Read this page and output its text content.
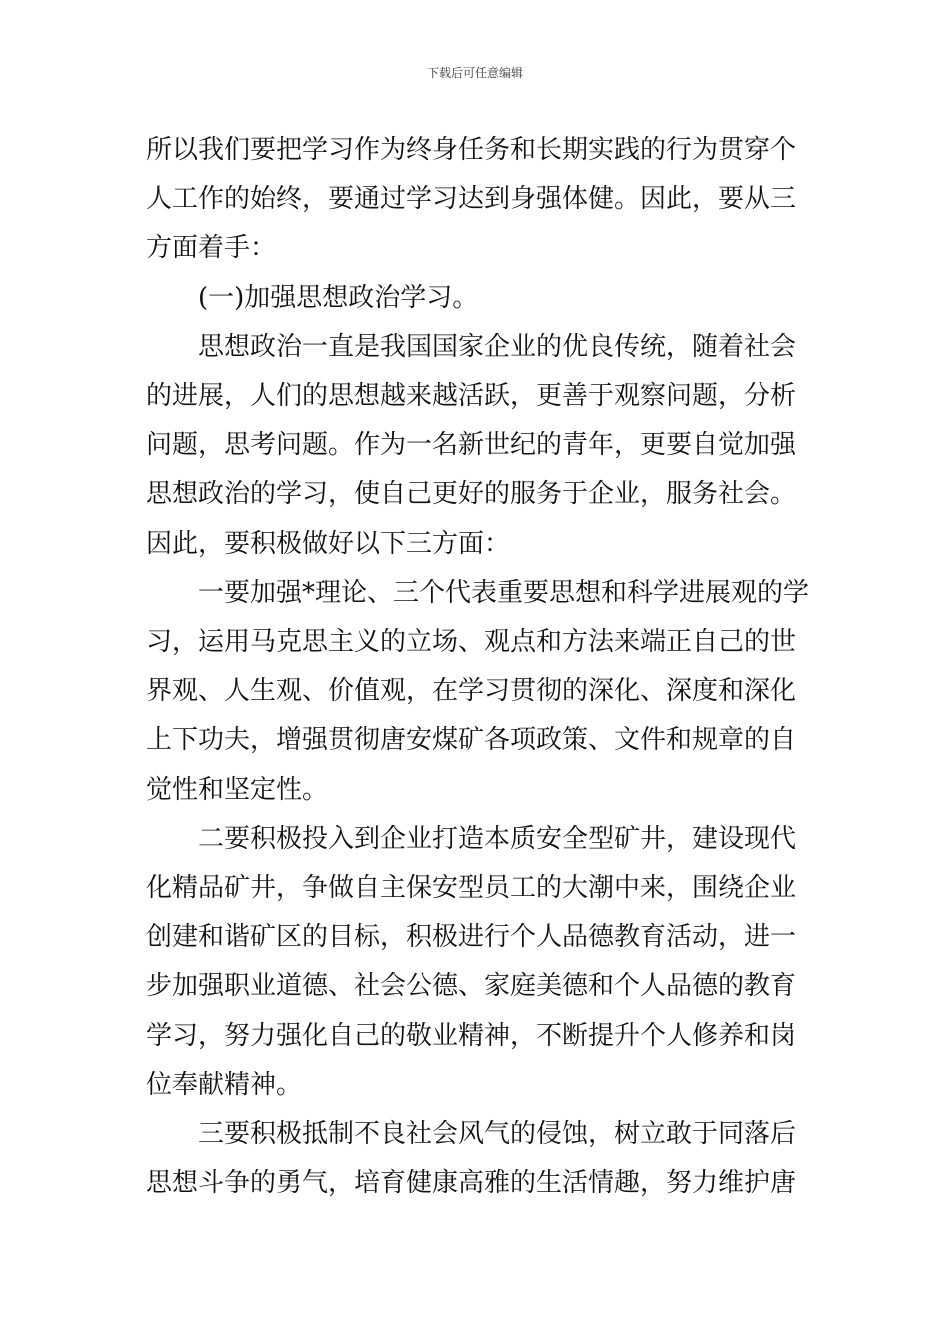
下载后可任意编辑

所以我们要把学习作为终身任务和长期实践的行为贯穿个
人工作的始终，要通过学习达到身强体健。因此，要从三
方面着手：

　　(一)加强思想政治学习。

　　思想政治一直是我国国家企业的优良传统，随着社会
的进展，人们的思想越来越活跃，更善于观察问题，分析
问题，思考问题。作为一名新世纪的青年，更要自觉加强
思想政治的学习，使自己更好的服务于企业，服务社会。
因此，要积极做好以下三方面：

　　一要加强*理论、三个代表重要思想和科学进展观的学
习，运用马克思主义的立场、观点和方法来端正自己的世
界观、人生观、价值观，在学习贯彻的深化、深度和深化
上下功夫，增强贯彻唐安煤矿各项政策、文件和规章的自
觉性和坚定性。

　　二要积极投入到企业打造本质安全型矿井，建设现代
化精品矿井，争做自主保安型员工的大潮中来，围绕企业
创建和谐矿区的目标，积极进行个人品德教育活动，进一
步加强职业道德、社会公德、家庭美德和个人品德的教育
学习，努力强化自己的敬业精神，不断提升个人修养和岗
位奉献精神。

　　三要积极抵制不良社会风气的侵蚀，树立敢于同落后
思想斗争的勇气，培育健康高雅的生活情趣，努力维护唐
